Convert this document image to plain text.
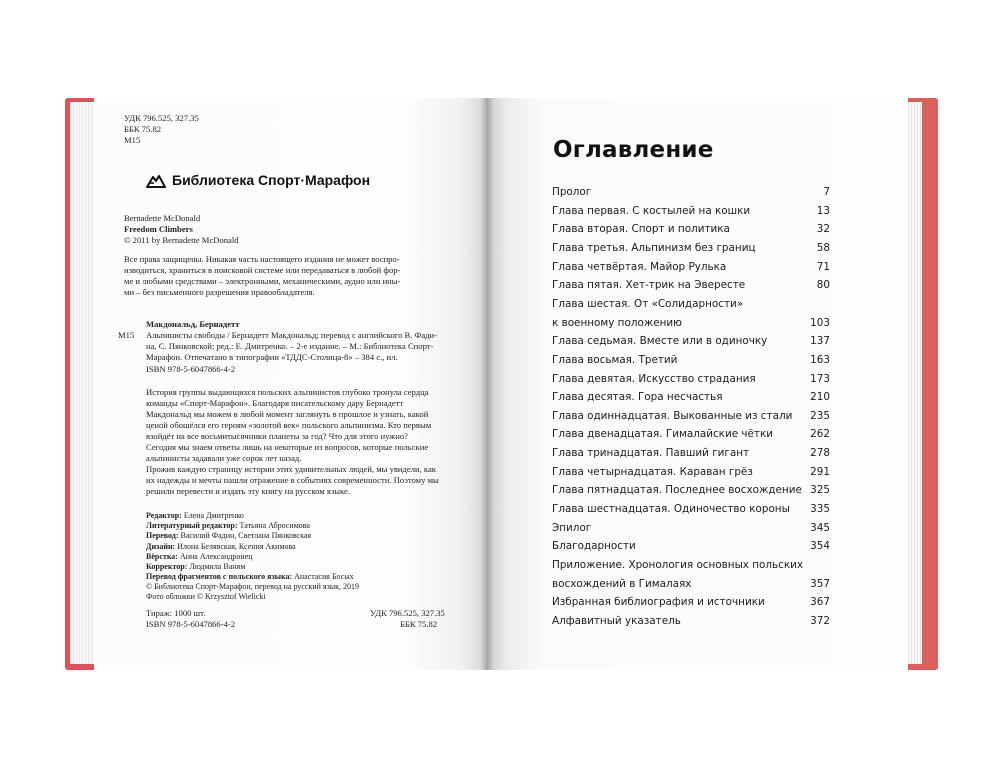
УДК 796.525, 327.35
ББК 75.82
М15
Библиотека Спорт·Марафон
Bernadette McDonald
Freedom Climbers
© 2011 by Bernadette McDonald
Все права защищены. Никакая часть настоящего издания не может воспро-
изводиться, храниться в поисковой системе или передаваться в любой фор-
ме и любыми средствами – электронными, механическими, аудио или ины-
ми – без письменного разрешения правообладателя.
Макдональд, Бернадетт
М15 Альпинисты свободы / Бернадетт Макдональд; перевод с английского В. Фади-
на, С. Пянковской; ред.: Е. Дмитренко. – 2-е издание. – М.: Библиотека Спорт-
Марафон. Отпечатано в типографии «ТДДС-Столица-8» – 384 с., ил.
ISBN 978-5-6047866-4-2
История группы выдающихся польских альпинистов глубоко тронула сердца
команды «Спорт-Марафон». Благодаря писательскому дару Бернадетт
Макдональд мы можем в любой момент заглянуть в прошлое и узнать, какой
ценой обошёлся его героям «золотой век» польского альпинизма. Кто первым
взойдёт на все восьмитысячники планеты за год? Что для этого нужно?
Сегодня мы знаем ответы лишь на некоторые из вопросов, которые польские
альпинисты задавали уже сорок лет назад.
Прожив каждую страницу истории этих удивительных людей, мы увидели, как
их надежды и мечты нашли отражение в событиях современности. Поэтому мы
решили перевести и издать эту книгу на русском языке.
Редактор: Елена Дмитренко
Литературный редактор: Татьяна Абросимова
Перевод: Василий Фадин, Светлана Пянковская
Дизайн: Илона Белявская, Ксения Акимова
Вёрстка: Анна Александронец
Корректор: Людмила Ваням
Перевод фрагментов с польского языка: Анастасия Босых
© Библиотека Спорт-Марафон, перевод на русский язык, 2019
Фото обложки © Krzysztof Wielicki
Тираж: 1000 шт.
ISBN 978-5-6047866-4-2
УДК 796.525, 327.35
ББК 75.82
Оглавление
Пролог	7
Глава первая. С костылей на кошки	13
Глава вторая. Спорт и политика	32
Глава третья. Альпинизм без границ	58
Глава четвёртая. Майор Рулька	71
Глава пятая. Хет-трик на Эвересте	80
Глава шестая. От «Солидарности»
к военному положению	103
Глава седьмая. Вместе или в одиночку	137
Глава восьмая. Третий	163
Глава девятая. Искусство страдания	173
Глава десятая. Гора несчастья	210
Глава одиннадцатая. Выкованные из стали 235
Глава двенадцатая. Гималайские чётки	262
Глава тринадцатая. Павший гигант	278
Глава четырнадцатая. Караван грёз	291
Глава пятнадцатая. Последнее восхождение 325
Глава шестнадцатая. Одиночество короны 335
Эпилог	345
Благодарности	354
Приложение. Хронология основных польских
восхождений в Гималаях	357
Избранная библиография и источники	367
Алфавитный указатель	372
